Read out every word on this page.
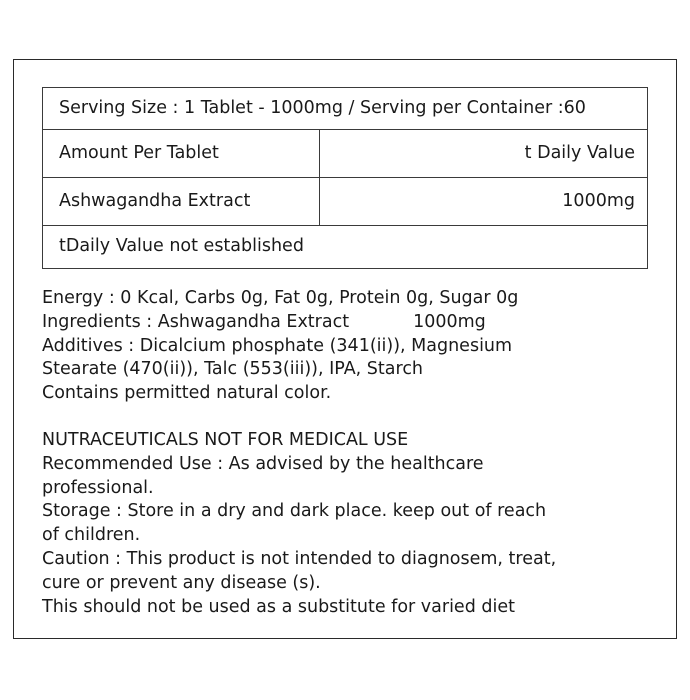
Serving Size : 1 Tablet - 1000mg / Serving per Container :60
Amount Per Tablet	t Daily Value
Ashwagandha Extract	1000mg
tDaily Value not established
Energy : 0 Kcal, Carbs 0g, Fat 0g, Protein 0g, Sugar 0g
Ingredients : Ashwagandha Extract	1000mg
Additives : Dicalcium phosphate (341(ii)), Magnesium
Stearate (470(ii)), Talc (553(iii)), IPA, Starch
Contains permitted natural color.
NUTRACEUTICALS NOT FOR MEDICAL USE
Recommended Use : As advised by the healthcare
professional.
Storage : Store in a dry and dark place. keep out of reach
of children.
Caution : This product is not intended to diagnosem, treat,
cure or prevent any disease (s).
This should not be used as a substitute for varied diet
